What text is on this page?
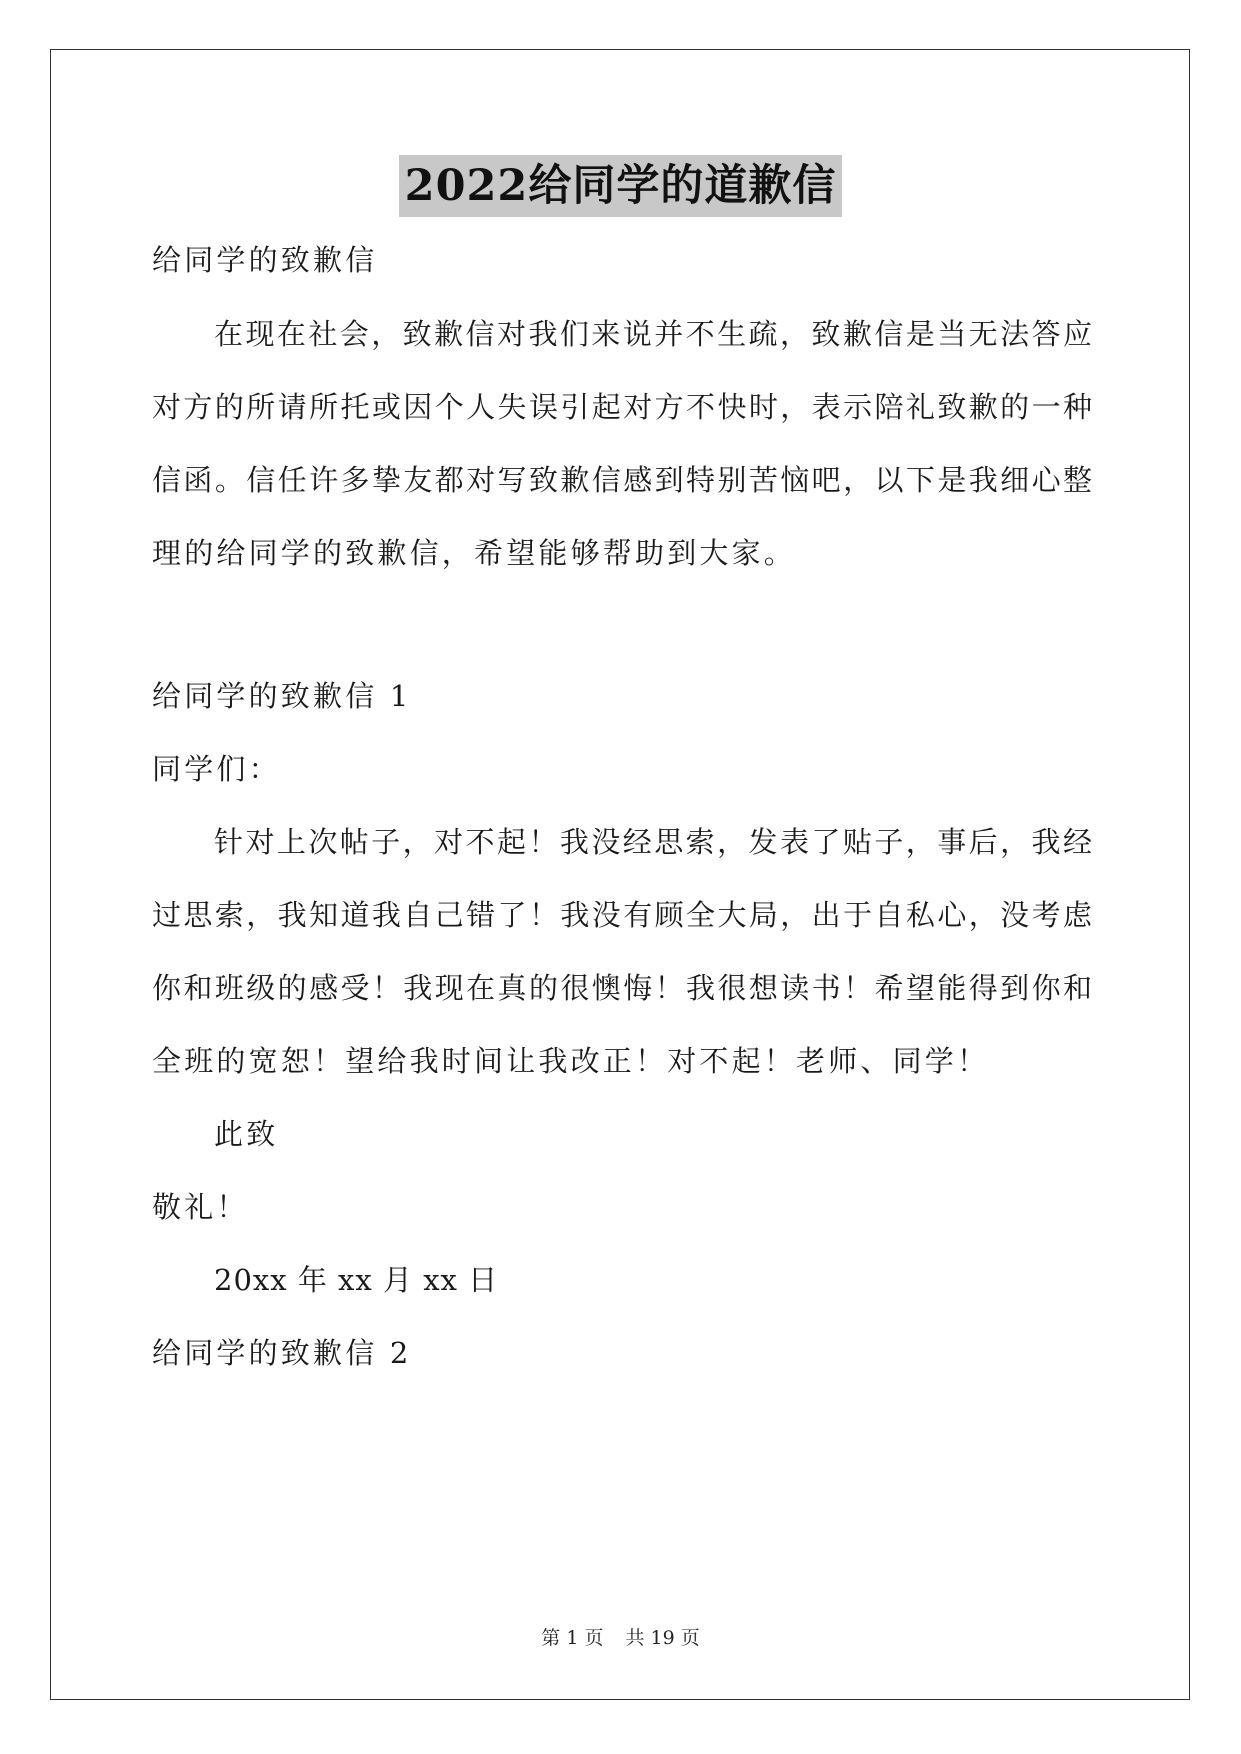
2022给同学的道歉信
给同学的致歉信
在现在社会，致歉信对我们来说并不生疏，致歉信是当无法答应
对方的所请所托或因个人失误引起对方不快时，表示陪礼致歉的一种
信函。信任许多挚友都对写致歉信感到特别苦恼吧，以下是我细心整
理的给同学的致歉信，希望能够帮助到大家。
给同学的致歉信 1
同学们：
针对上次帖子，对不起！我没经思索，发表了贴子，事后，我经
过思索，我知道我自己错了！我没有顾全大局，出于自私心，没考虑
你和班级的感受！我现在真的很懊悔！我很想读书！希望能得到你和
全班的宽恕！望给我时间让我改正！对不起！老师、同学！
此致
敬礼！
20xx 年 xx 月 xx 日
给同学的致歉信 2
第 1 页 共 19 页
